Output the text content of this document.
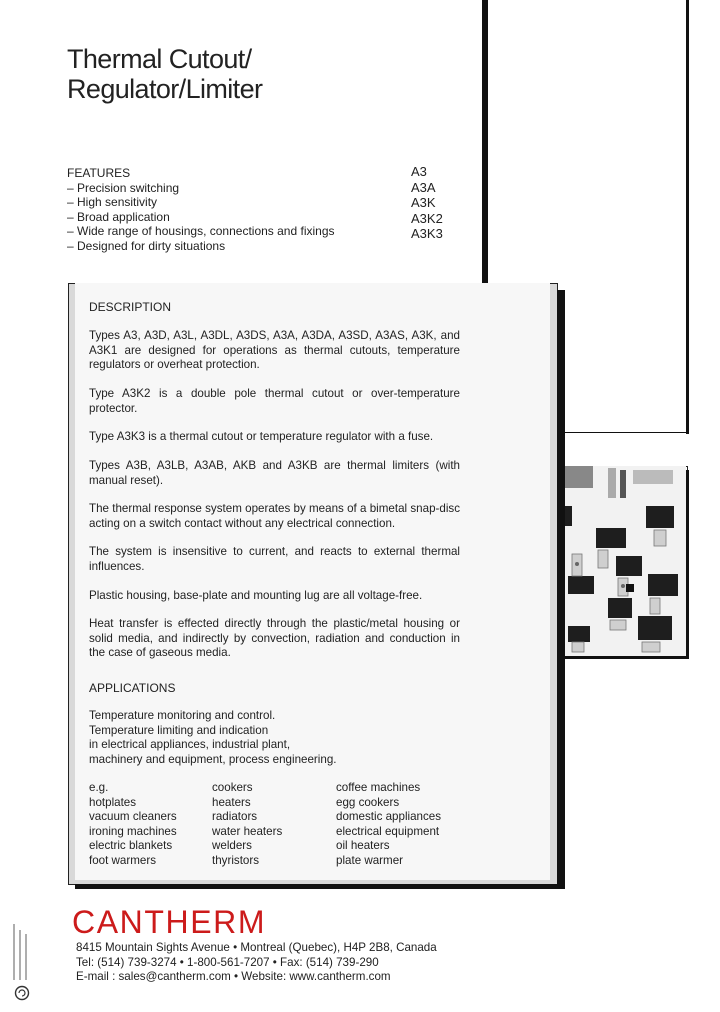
Thermal Cutout/
Regulator/Limiter
FEATURES
– Precision switching
– High sensitivity
– Broad application
– Wide range of housings, connections and fixings
– Designed for dirty situations
A3
A3A
A3K
A3K2
A3K3
DESCRIPTION
Types A3, A3D, A3L, A3DL, A3DS, A3A, A3DA, A3SD, A3AS, A3K, and A3K1 are designed for operations as thermal cutouts, temperature regulators or overheat protection.
Type A3K2 is a double pole thermal cutout or over-temperature protector.
Type A3K3 is a thermal cutout or temperature regulator with a fuse.
Types A3B, A3LB, A3AB, AKB and A3KB are thermal limiters (with manual reset).
The thermal response system operates by means of a bimetal snap-disc acting on a switch contact without any electrical connection.
The system is insensitive to current, and reacts to external thermal influences.
Plastic housing, base-plate and mounting lug are all voltage-free.
Heat transfer is effected directly through the plastic/metal housing or solid media, and indirectly by convection, radiation and conduction in the case of gaseous media.
APPLICATIONS
Temperature monitoring and control.
Temperature limiting and indication
in electrical appliances, industrial plant,
machinery and equipment, process engineering.
e.g.
hotplates
vacuum cleaners
ironing machines
electric blankets
foot warmers
cookers
heaters
radiators
water heaters
welders
thyristors
coffee machines
egg cookers
domestic appliances
electrical equipment
oil heaters
plate warmer
CANTHERM
8415 Mountain Sights Avenue • Montreal (Quebec), H4P 2B8, Canada
Tel: (514) 739-3274 • 1-800-561-7207 • Fax: (514) 739-290
E-mail : sales@cantherm.com • Website: www.cantherm.com
